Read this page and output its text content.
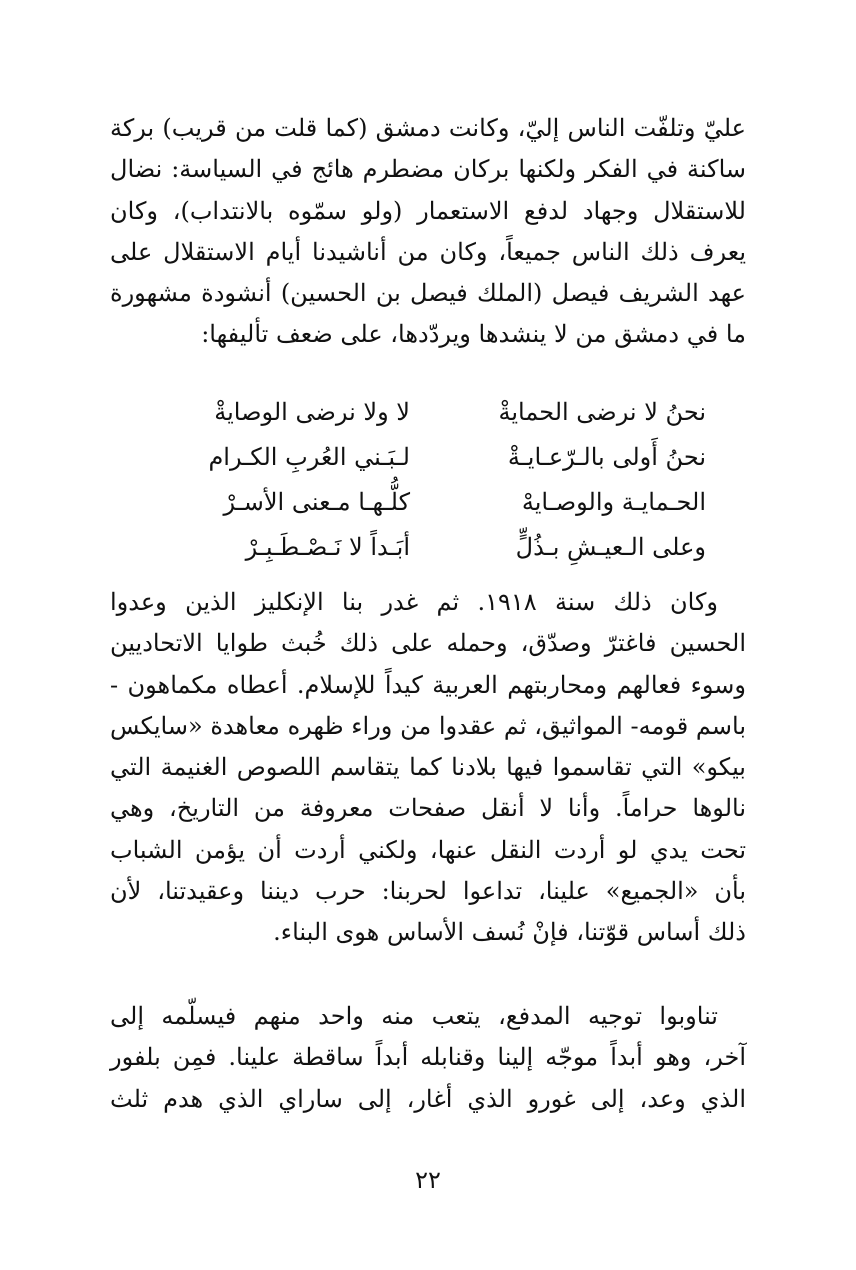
عليّ وتلفّت الناس إليّ، وكانت دمشق (كما قلت من قريب) بركة
ساكنة في الفكر ولكنها بركان مضطرم هائج في السياسة: نضال
للاستقلال وجهاد لدفع الاستعمار (ولو سمّوه بالانتداب)، وكان
يعرف ذلك الناس جميعاً، وكان من أناشيدنا أيام الاستقلال على
عهد الشريف فيصل (الملك فيصل بن الحسين) أنشودة مشهورة
ما في دمشق من لا ينشدها ويردّدها، على ضعف تأليفها:
نحنُ لا نرضى الحمايةْ
لا ولا نرضى الوصايةْ
نحنُ أَولى بالـرّعـايـةْ
لـبَـني العُربِ الكـرام
الحـمايـة والوصـايهْ
كلُّـهـا مـعنى الأسـرْ
وعلى الـعيـشِ بـذُلٍّ
أبَـداً لا نَـصْـطَـبِـرْ
وكان ذلك سنة ١٩١٨. ثم غدر بنا الإنكليز الذين وعدوا
الحسين فاغترّ وصدّق، وحمله على ذلك خُبث طوايا الاتحاديين
وسوء فعالهم ومحاربتهم العربية كيداً للإسلام. أعطاه مكماهون -
باسم قومه- المواثيق، ثم عقدوا من وراء ظهره معاهدة «سايكس
بيكو» التي تقاسموا فيها بلادنا كما يتقاسم اللصوص الغنيمة التي
نالوها حراماً. وأنا لا أنقل صفحات معروفة من التاريخ، وهي
تحت يدي لو أردت النقل عنها، ولكني أردت أن يؤمن الشباب
بأن «الجميع» علينا، تداعوا لحربنا: حرب ديننا وعقيدتنا، لأن
ذلك أساس قوّتنا، فإنْ نُسف الأساس هوى البناء.
تناوبوا توجيه المدفع، يتعب منه واحد منهم فيسلّمه إلى
آخر، وهو أبداً موجّه إلينا وقنابله أبداً ساقطة علينا. فمِن بلفور
الذي وعد، إلى غورو الذي أغار، إلى ساراي الذي هدم ثلث
٢٢
